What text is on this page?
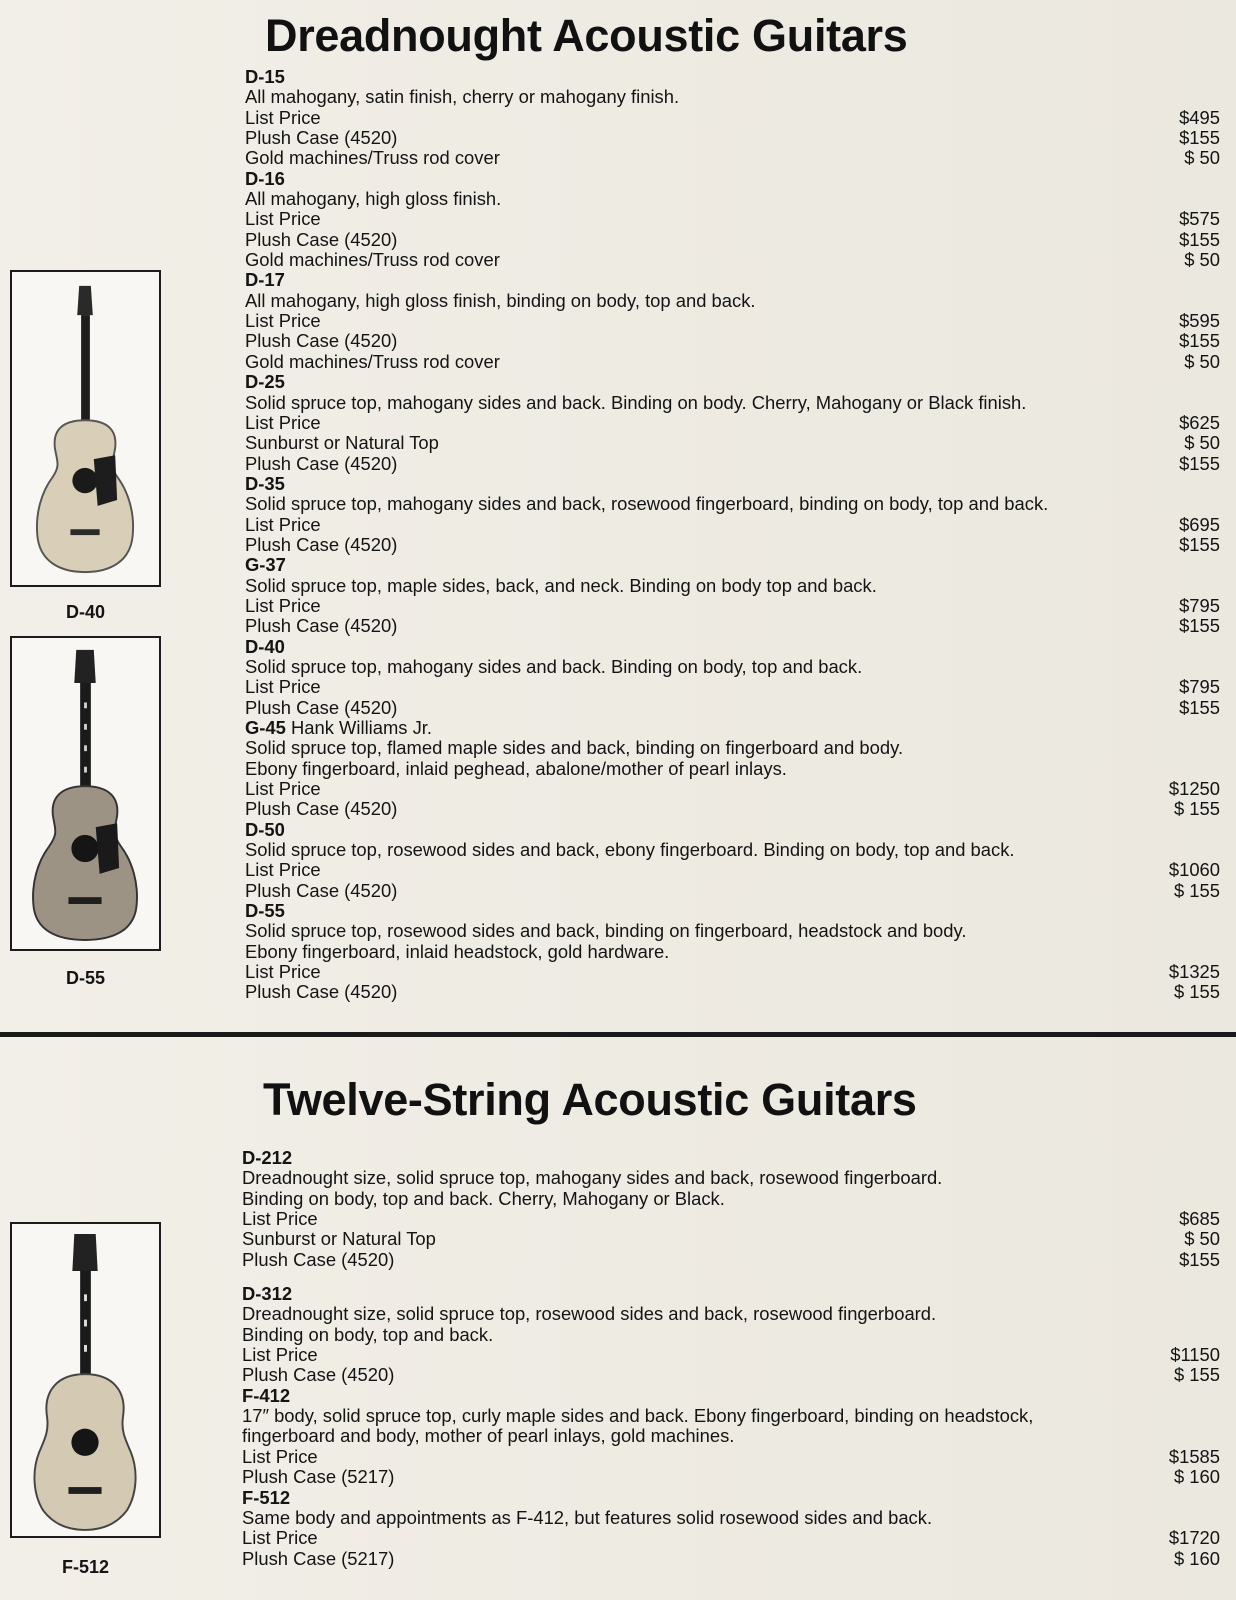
Dreadnought Acoustic Guitars
D-15
All mahogany, satin finish, cherry or mahogany finish.
List Price	$495
Plush Case (4520)	$155
Gold machines/Truss rod cover	$ 50
D-16
All mahogany, high gloss finish.
List Price	$575
Plush Case (4520)	$155
Gold machines/Truss rod cover	$ 50
D-17
All mahogany, high gloss finish, binding on body, top and back.
List Price	$595
Plush Case (4520)	$155
Gold machines/Truss rod cover	$ 50
D-25
Solid spruce top, mahogany sides and back. Binding on body. Cherry, Mahogany or Black finish.
List Price	$625
Sunburst or Natural Top	$ 50
Plush Case (4520)	$155
D-35
Solid spruce top, mahogany sides and back, rosewood fingerboard, binding on body, top and back.
List Price	$695
Plush Case (4520)	$155
G-37
Solid spruce top, maple sides, back, and neck. Binding on body top and back.
List Price	$795
Plush Case (4520)	$155
D-40
Solid spruce top, mahogany sides and back. Binding on body, top and back.
List Price	$795
Plush Case (4520)	$155
G-45 Hank Williams Jr.
Solid spruce top, flamed maple sides and back, binding on fingerboard and body.
Ebony fingerboard, inlaid peghead, abalone/mother of pearl inlays.
List Price	$1250
Plush Case (4520)	$ 155
D-50
Solid spruce top, rosewood sides and back, ebony fingerboard. Binding on body, top and back.
List Price	$1060
Plush Case (4520)	$ 155
D-55
Solid spruce top, rosewood sides and back, binding on fingerboard, headstock and body.
Ebony fingerboard, inlaid headstock, gold hardware.
List Price	$1325
Plush Case (4520)	$ 155
Twelve-String Acoustic Guitars
D-212
Dreadnought size, solid spruce top, mahogany sides and back, rosewood fingerboard.
Binding on body, top and back. Cherry, Mahogany or Black.
List Price	$685
Sunburst or Natural Top	$ 50
Plush Case (4520)	$155
D-312
Dreadnought size, solid spruce top, rosewood sides and back, rosewood fingerboard.
Binding on body, top and back.
List Price	$1150
Plush Case (4520)	$ 155
F-412
17″ body, solid spruce top, curly maple sides and back. Ebony fingerboard, binding on headstock,
fingerboard and body, mother of pearl inlays, gold machines.
List Price	$1585
Plush Case (5217)	$ 160
F-512
Same body and appointments as F-412, but features solid rosewood sides and back.
List Price	$1720
Plush Case (5217)	$ 160
D-40
D-55
F-512
